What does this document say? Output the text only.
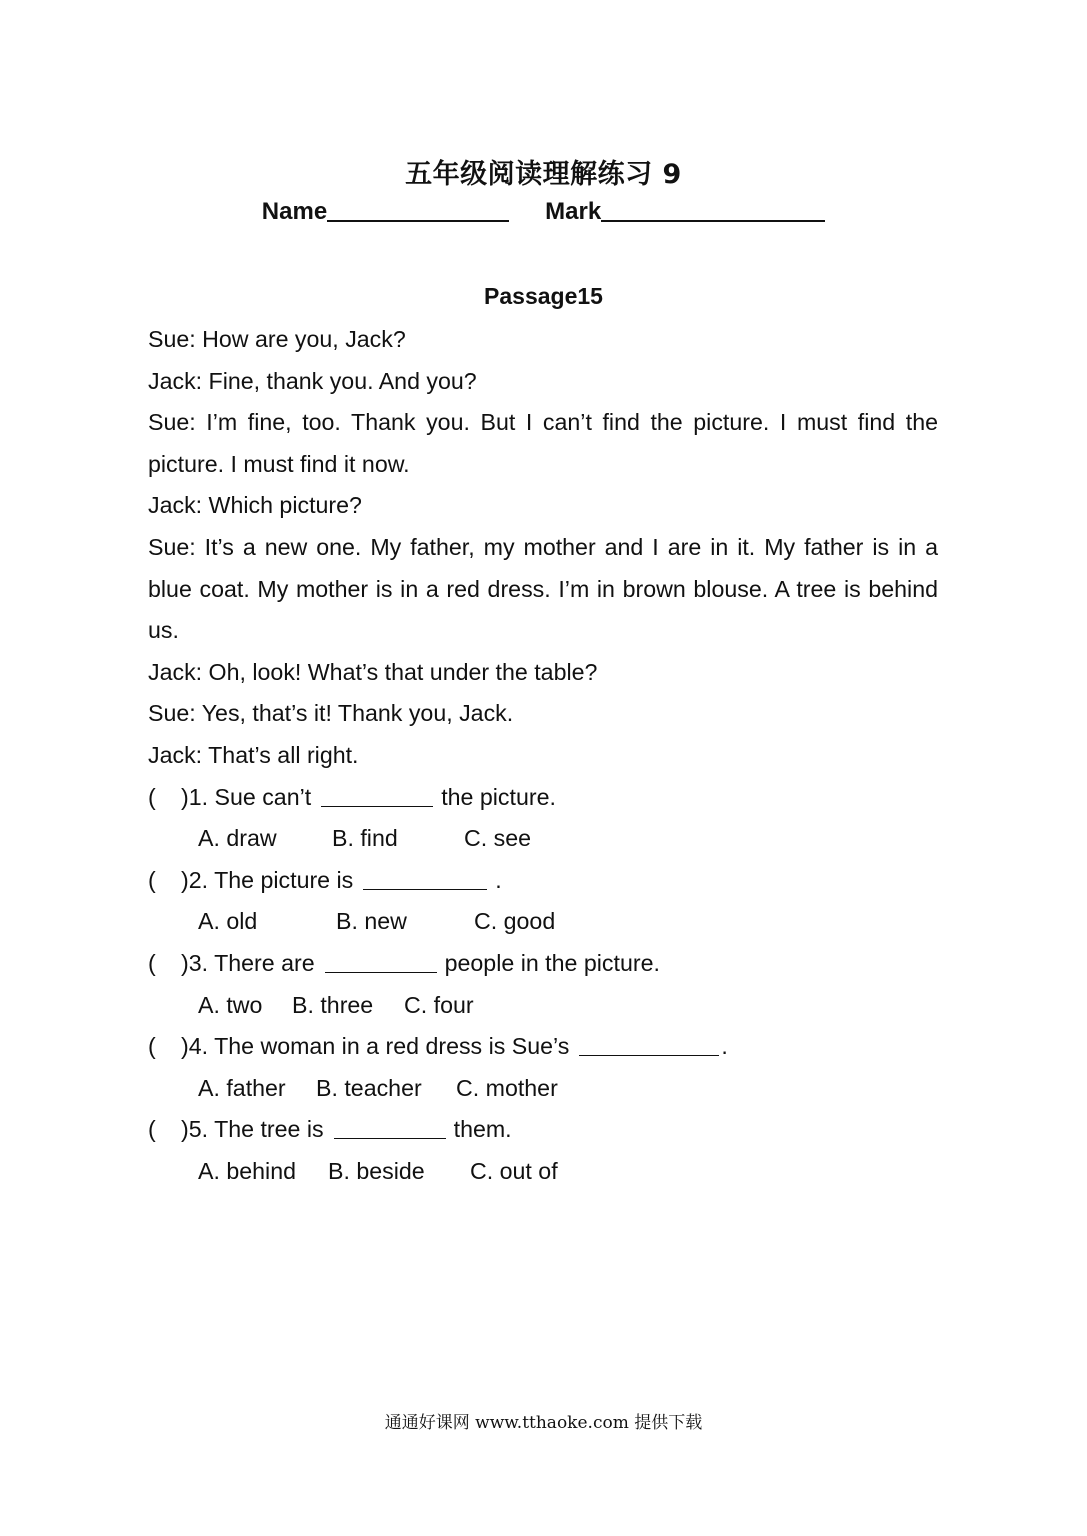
五年级阅读理解练习 9
Name	Mark
Passage15

Sue: How are you, Jack?

Jack: Fine, thank you. And you?

Sue: I’m fine, too. Thank you. But I can’t find the picture. I must find the picture. I must find it now.

Jack: Which picture?

Sue: It’s a new one. My father, my mother and I are in it. My father is in a blue coat. My mother is in a red dress. I’m in brown blouse. A tree is behind us.

Jack: Oh, look! What’s that under the table?

Sue: Yes, that’s it! Thank you, Jack.

Jack: That’s all right.

( )1. Sue can’t	the picture.
A. draw B. find	C. see
( )2. The picture is	.
A. old	B. new	C. good
( )3. There are	people in the picture.
A. two B. three C. four
( )4. The woman in a red dress is Sue’s	.
A. father B. teacher C. mother
( )5. The tree is	them.
A. behind B. beside C. out of
通通好课网 www.tthaoke.com 提供下载
